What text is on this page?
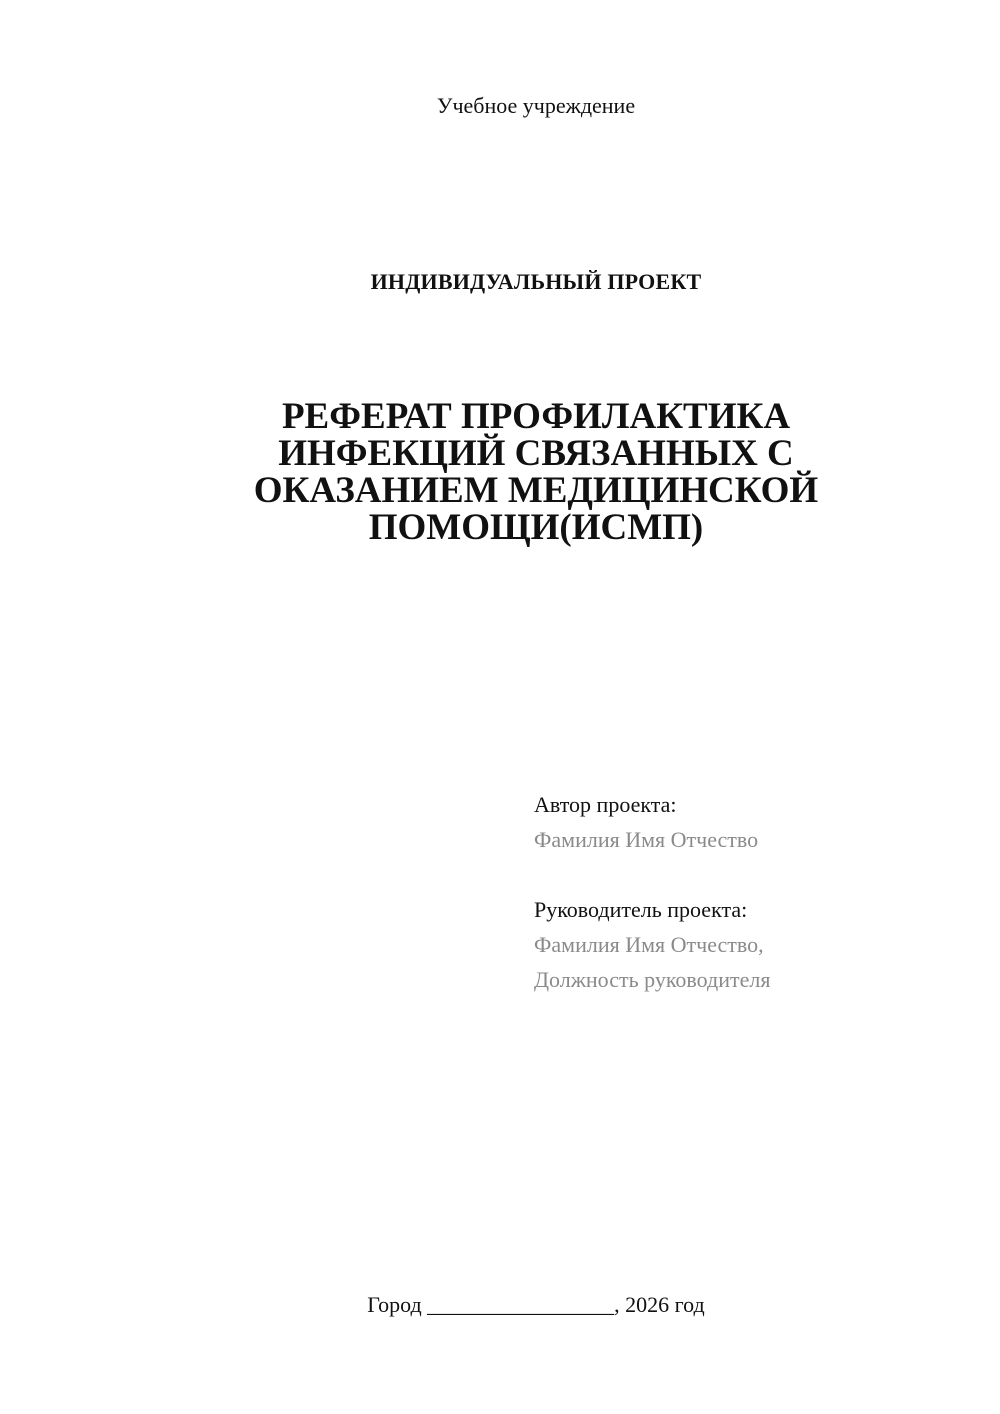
Учебное учреждение
ИНДИВИДУАЛЬНЫЙ ПРОЕКТ
РЕФЕРАТ ПРОФИЛАКТИКА ИНФЕКЦИЙ СВЯЗАННЫХ С ОКАЗАНИЕМ МЕДИЦИНСКОЙ ПОМОЩИ(ИСМП)
Автор проекта:
Фамилия Имя Отчество
Руководитель проекта:
Фамилия Имя Отчество,
Должность руководителя
Город _________________, 2026 год
